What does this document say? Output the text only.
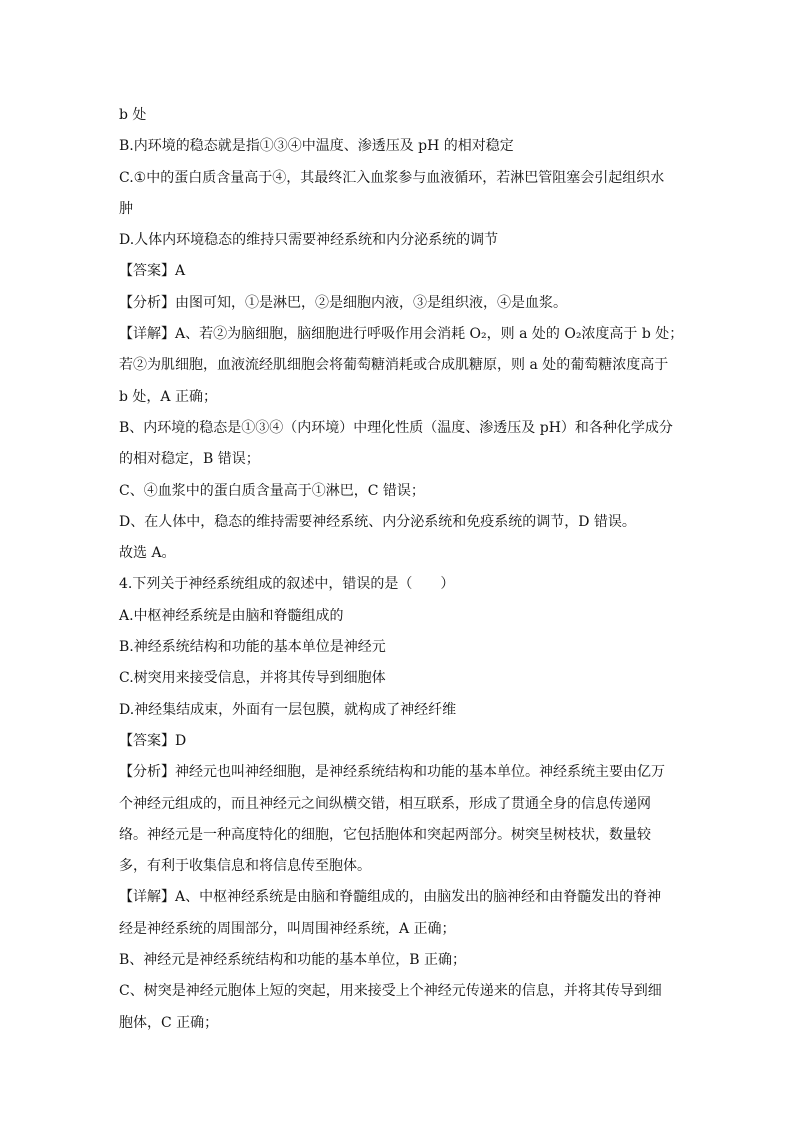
b 处
B.内环境的稳态就是指①③④中温度、渗透压及 pH 的相对稳定
C.①中的蛋白质含量高于④，其最终汇入血浆参与血液循环，若淋巴管阻塞会引起组织水
肿
D.人体内环境稳态的维持只需要神经系统和内分泌系统的调节
【答案】A
【分析】由图可知，①是淋巴，②是细胞内液，③是组织液，④是血浆。
【详解】A、若②为脑细胞，脑细胞进行呼吸作用会消耗 O₂，则 a 处的 O₂浓度高于 b 处；
若②为肌细胞，血液流经肌细胞会将葡萄糖消耗或合成肌糖原，则 a 处的葡萄糖浓度高于
b 处，A 正确；
B、内环境的稳态是①③④（内环境）中理化性质（温度、渗透压及 pH）和各种化学成分
的相对稳定，B 错误；
C、④血浆中的蛋白质含量高于①淋巴，C 错误；
D、在人体中，稳态的维持需要神经系统、内分泌系统和免疫系统的调节，D 错误。
故选 A。
4.下列关于神经系统组成的叙述中，错误的是（　　）
A.中枢神经系统是由脑和脊髓组成的
B.神经系统结构和功能的基本单位是神经元
C.树突用来接受信息，并将其传导到细胞体
D.神经集结成束，外面有一层包膜，就构成了神经纤维
【答案】D
【分析】神经元也叫神经细胞，是神经系统结构和功能的基本单位。神经系统主要由亿万
个神经元组成的，而且神经元之间纵横交错，相互联系，形成了贯通全身的信息传递网
络。神经元是一种高度特化的细胞，它包括胞体和突起两部分。树突呈树枝状，数量较
多，有利于收集信息和将信息传至胞体。
【详解】A、中枢神经系统是由脑和脊髓组成的，由脑发出的脑神经和由脊髓发出的脊神
经是神经系统的周围部分，叫周围神经系统，A 正确；
B、神经元是神经系统结构和功能的基本单位，B 正确；
C、树突是神经元胞体上短的突起，用来接受上个神经元传递来的信息，并将其传导到细
胞体，C 正确；
